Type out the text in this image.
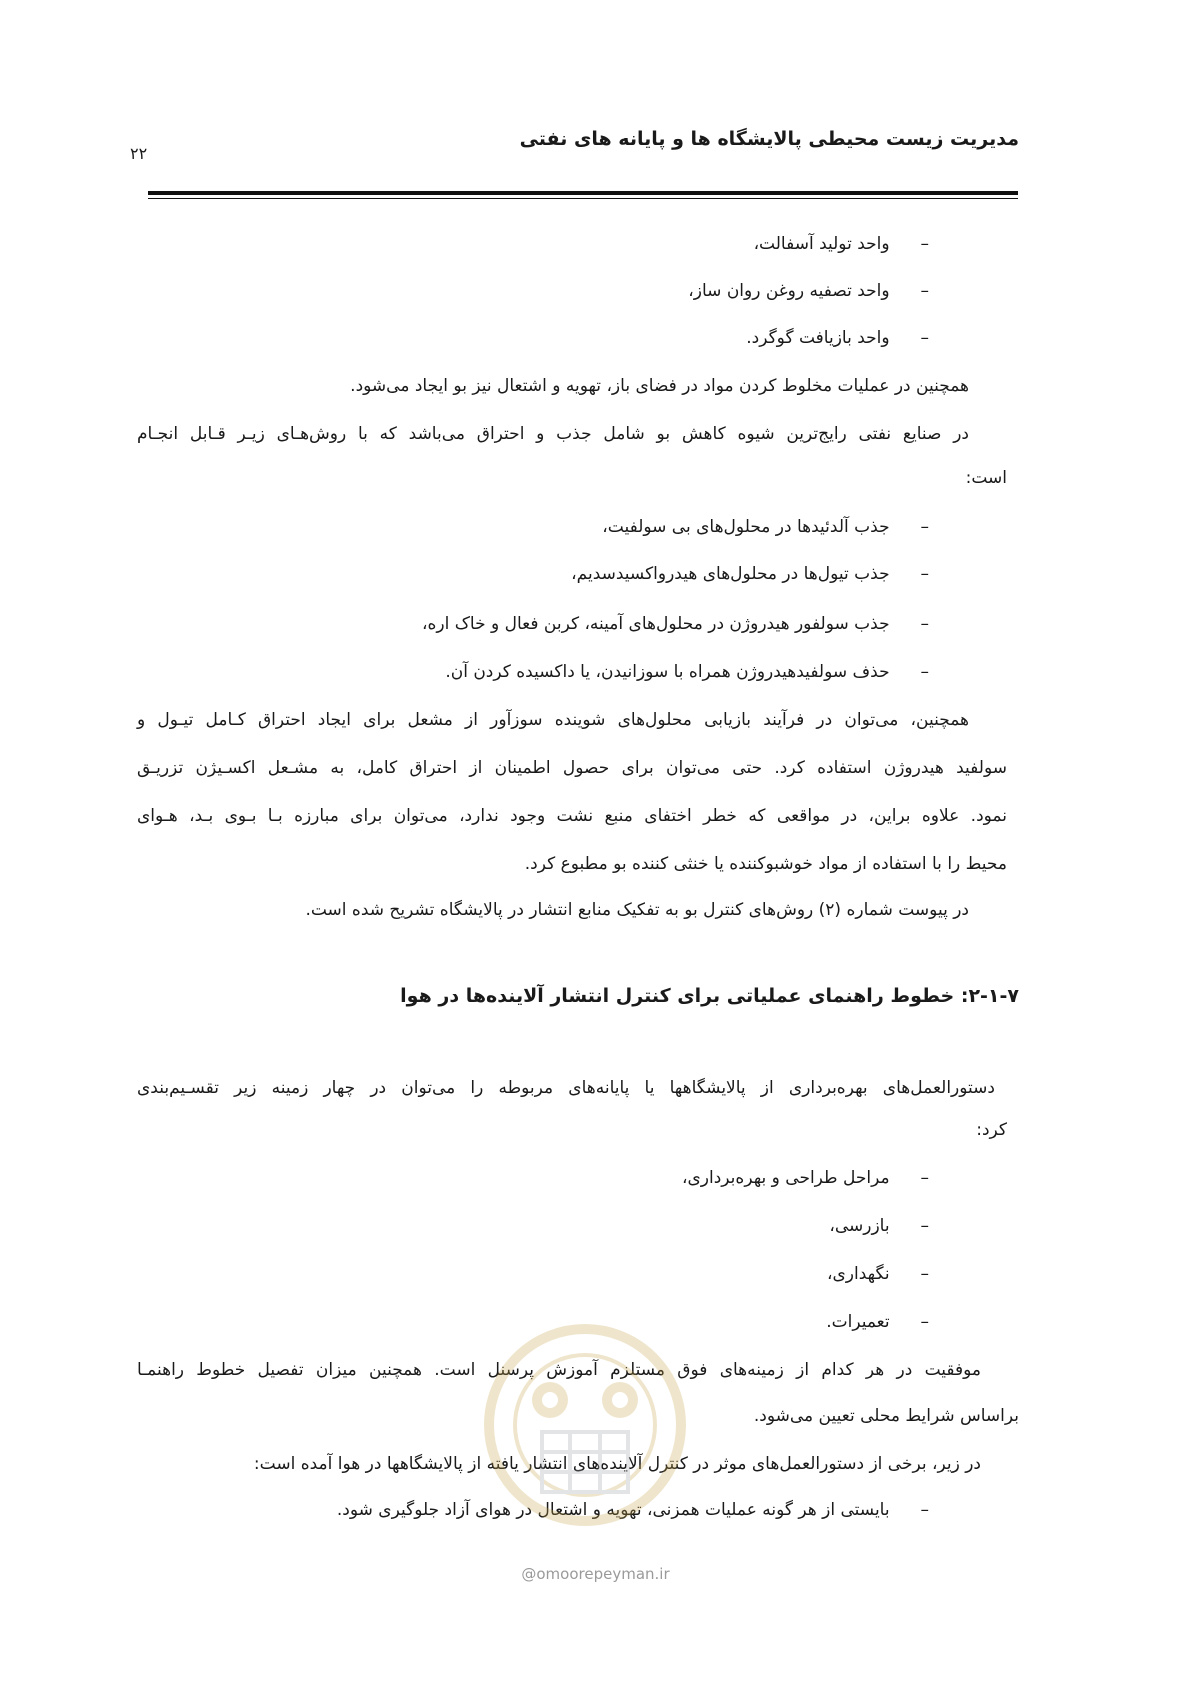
مدیریت زیست محیطی پالایشگاه ها و پایانه های نفتی
۲۲
– واحد تولید آسفالت،
– واحد تصفیه روغن روان ساز،
– واحد بازیافت گوگرد.
همچنین در عملیات مخلوط کردن مواد در فضای باز، تهویه و اشتعال نیز بو ایجاد می‌شود.
در صنایع نفتی رایج‌ترین شیوه کاهش بو شامل جذب و احتراق می‌باشد که با روش‌هـای زیـر قـابل انجـام
است:
– جذب آلدئیدها در محلول‌های بی سولفیت،
– جذب تیول‌ها در محلول‌های هیدرواکسیدسدیم،
– جذب سولفور هیدروژن در محلول‌های آمینه، کربن فعال و خاک اره،
– حذف سولفیدهیدروژن همراه با سوزانیدن، یا داکسیده کردن آن.
همچنین، می‌توان در فرآیند بازیابی محلول‌های شوینده سوزآور از مشعل برای ایجاد احتراق کـامل تیـول و
سولفید هیدروژن استفاده کرد. حتی می‌توان برای حصول اطمینان از احتراق کامل، به مشـعل اکسـیژن تزریـق
نمود. علاوه براین، در مواقعی که خطر اختفای منبع نشت وجود ندارد، می‌توان برای مبارزه بـا بـوی بـد، هـوای
محیط را با استفاده از مواد خوشبوکننده یا خنثی کننده بو مطبوع کرد.
در پیوست شماره (۲) روش‌های کنترل بو به تفکیک منابع انتشار در پالایشگاه تشریح شده است.
۲-۱-۷: خطوط راهنمای عملیاتی برای کنترل انتشار آلاینده‌ها در هوا
دستورالعمل‌های بهره‌برداری از پالایشگاهها یا پایانه‌های مربوطه را می‌توان در چهار زمینه زیر تقسـیم‌بندی
کرد:
– مراحل طراحی و بهره‌برداری،
– بازرسی،
– نگهداری،
– تعمیرات.
موفقیت در هر کدام از زمینه‌های فوق مستلزم آموزش پرسنل است. همچنین میزان تفصیل خطوط راهنمـا
براساس شرایط محلی تعیین می‌شود.
در زیر، برخی از دستورالعمل‌های موثر در کنترل آلاینده‌های انتشار یافته از پالایشگاهها در هوا آمده است:
– بایستی از هر گونه عملیات همزنی، تهویه و اشتعال در هوای آزاد جلوگیری شود.
@omoorepeyman.ir
